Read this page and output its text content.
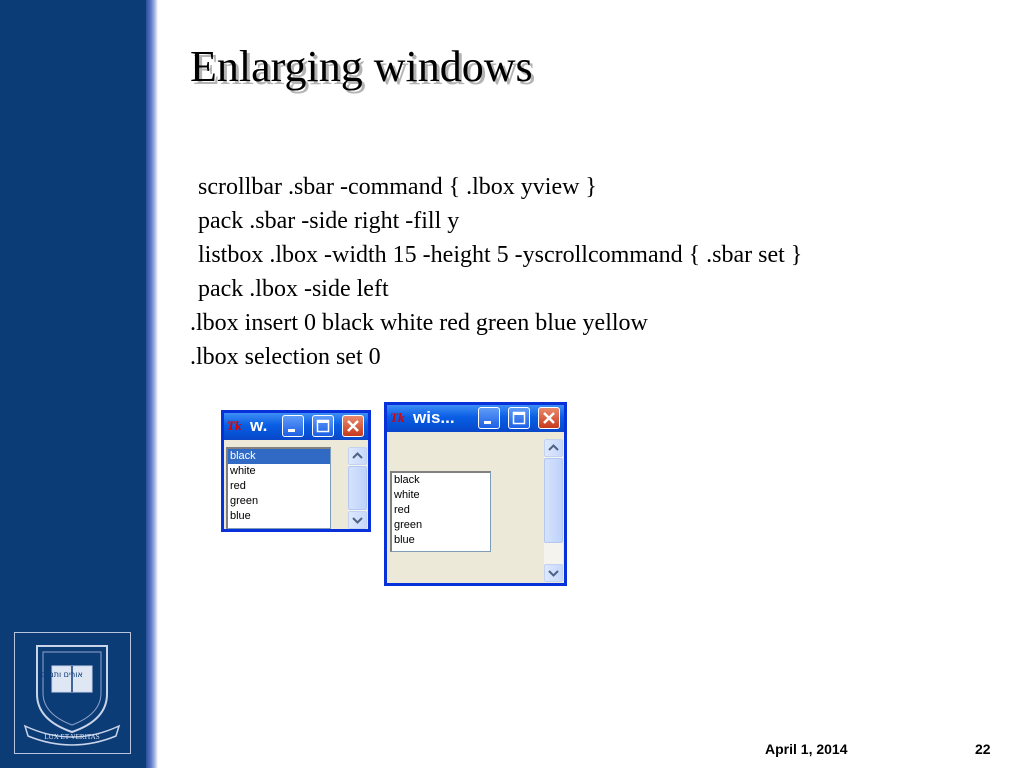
אורים ותמים
LUX ET VERITAS
Enlarging windows
scrollbar .sbar -command { .lbox yview }
pack .sbar -side right -fill y
listbox .lbox -width 15 -height 5 -yscrollcommand { .sbar set }
pack .lbox -side left
.lbox insert 0 black white red green blue yellow
.lbox selection set 0
Tk w.
black
white
red
green
blue
Tk wis...
black
white
red
green
blue
April 1, 2014	22
